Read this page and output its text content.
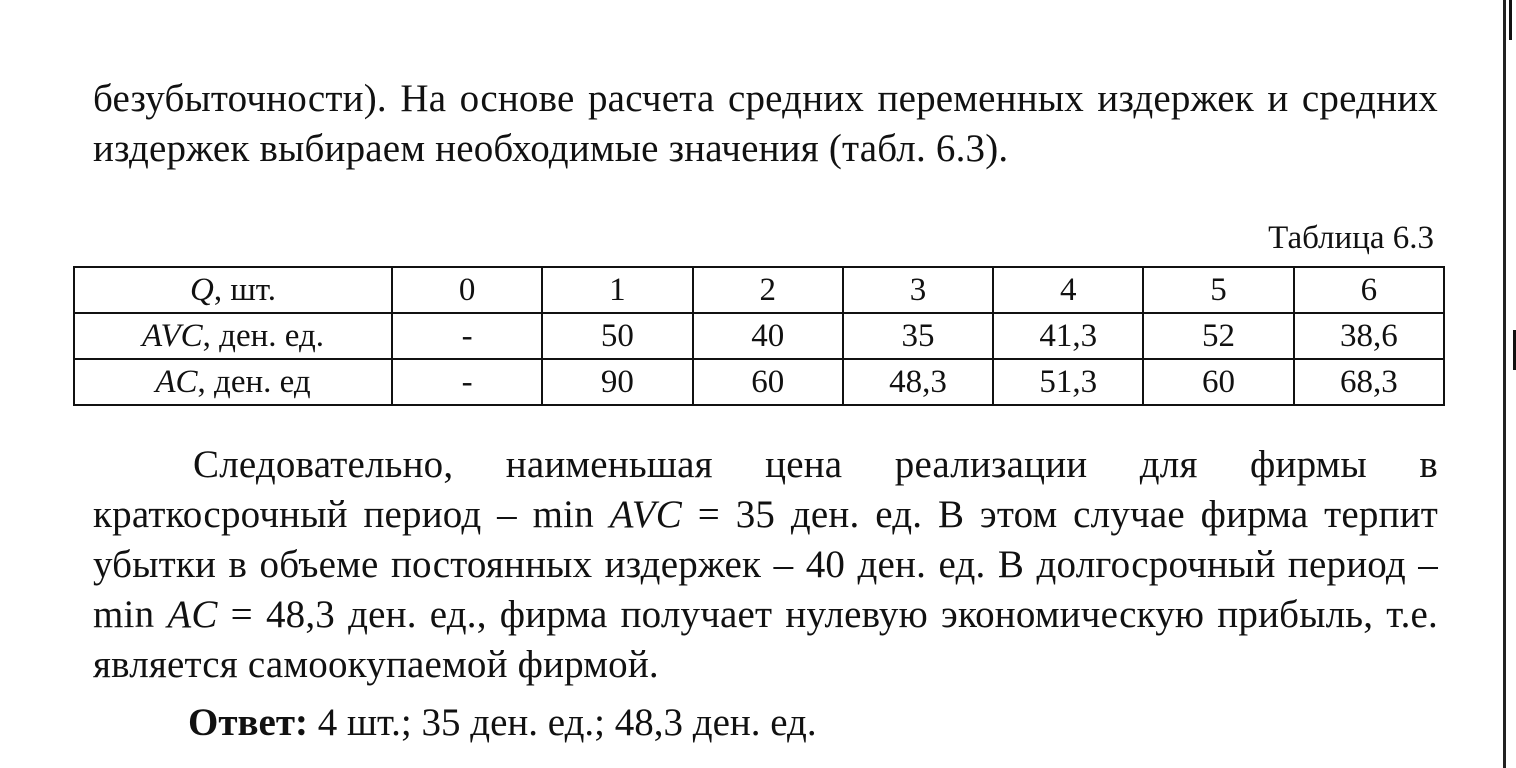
безубыточности). На основе расчета средних переменных издержек и средних издержек выбираем необходимые значения (табл. 6.3).

Таблица 6.3
Q, шт.	0	1	2	3	4	5	6
AVC, ден. ед.	-	50	40	35	41,3	52	38,6
AC, ден. ед	-	90	60	48,3	51,3	60	68,3

Следовательно, наименьшая цена реализации для фирмы в краткосрочный период – min AVC = 35 ден. ед. В этом случае фирма терпит убытки в объеме постоянных издержек – 40 ден. ед. В долгосрочный период – min AC = 48,3 ден. ед., фирма получает нулевую экономическую прибыль, т.е. является самоокупаемой фирмой.

Ответ: 4 шт.; 35 ден. ед.; 48,3 ден. ед.
